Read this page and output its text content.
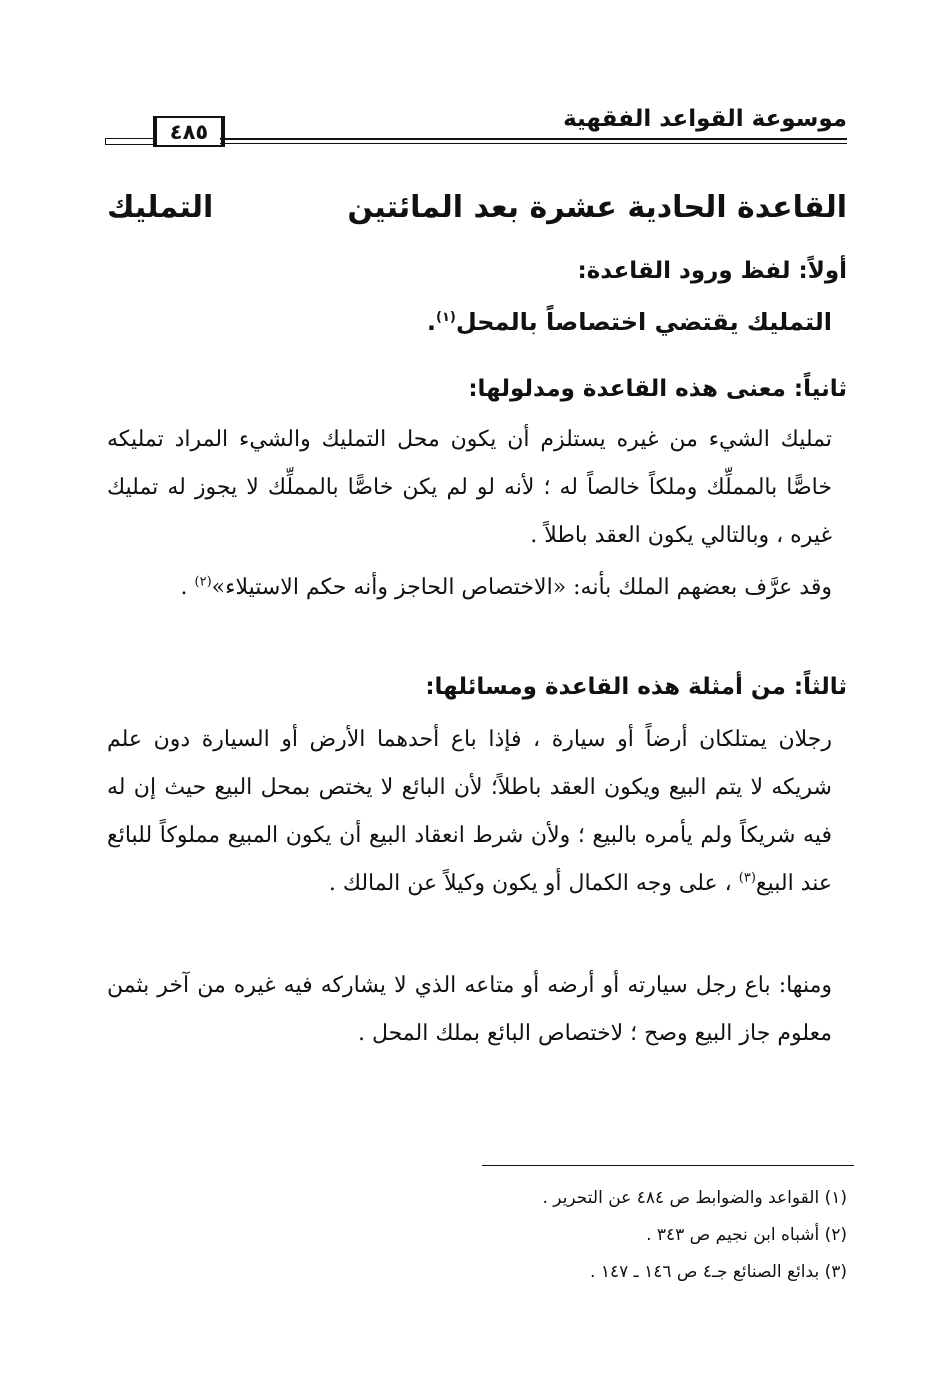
موسوعة القواعد الفقهية
٤٨٥
القاعدة الحادية عشرة بعد المائتين
التمليك
أولاً: لفظ ورود القاعدة:
التمليك يقتضي اختصاصاً بالمحل$^{(١)}$.
ثانياً: معنى هذه القاعدة ومدلولها:
تمليك الشيء من غيره يستلزم أن يكون محل التمليك والشيء المراد تمليكه خاصًّا بالمملِّك وملكاً خالصاً له ؛ لأنه لو لم يكن خاصًّا بالمملِّك لا يجوز له تمليك غيره ، وبالتالي يكون العقد باطلاً .
وقد عرَّف بعضهم الملك بأنه: «الاختصاص الحاجز وأنه حكم الاستيلاء»$^{(٢)}$ .
ثالثاً: من أمثلة هذه القاعدة ومسائلها:
رجلان يمتلكان أرضاً أو سيارة ، فإذا باع أحدهما الأرض أو السيارة دون علم شريكه لا يتم البيع ويكون العقد باطلاً؛ لأن البائع لا يختص بمحل البيع حيث إن له فيه شريكاً ولم يأمره بالبيع ؛ ولأن شرط انعقاد البيع أن يكون المبيع مملوكاً للبائع عند البيع$^{(٣)}$ ، على وجه الكمال أو يكون وكيلاً عن المالك .
ومنها: باع رجل سيارته أو أرضه أو متاعه الذي لا يشاركه فيه غيره من آخر بثمن معلوم جاز البيع وصح ؛ لاختصاص البائع بملك المحل .
(١) القواعد والضوابط ص ٤٨٤ عن التحرير .
(٢) أشباه ابن نجيم ص ٣٤٣ .
(٣) بدائع الصنائع جـ٤ ص ١٤٦ ـ ١٤٧ .
